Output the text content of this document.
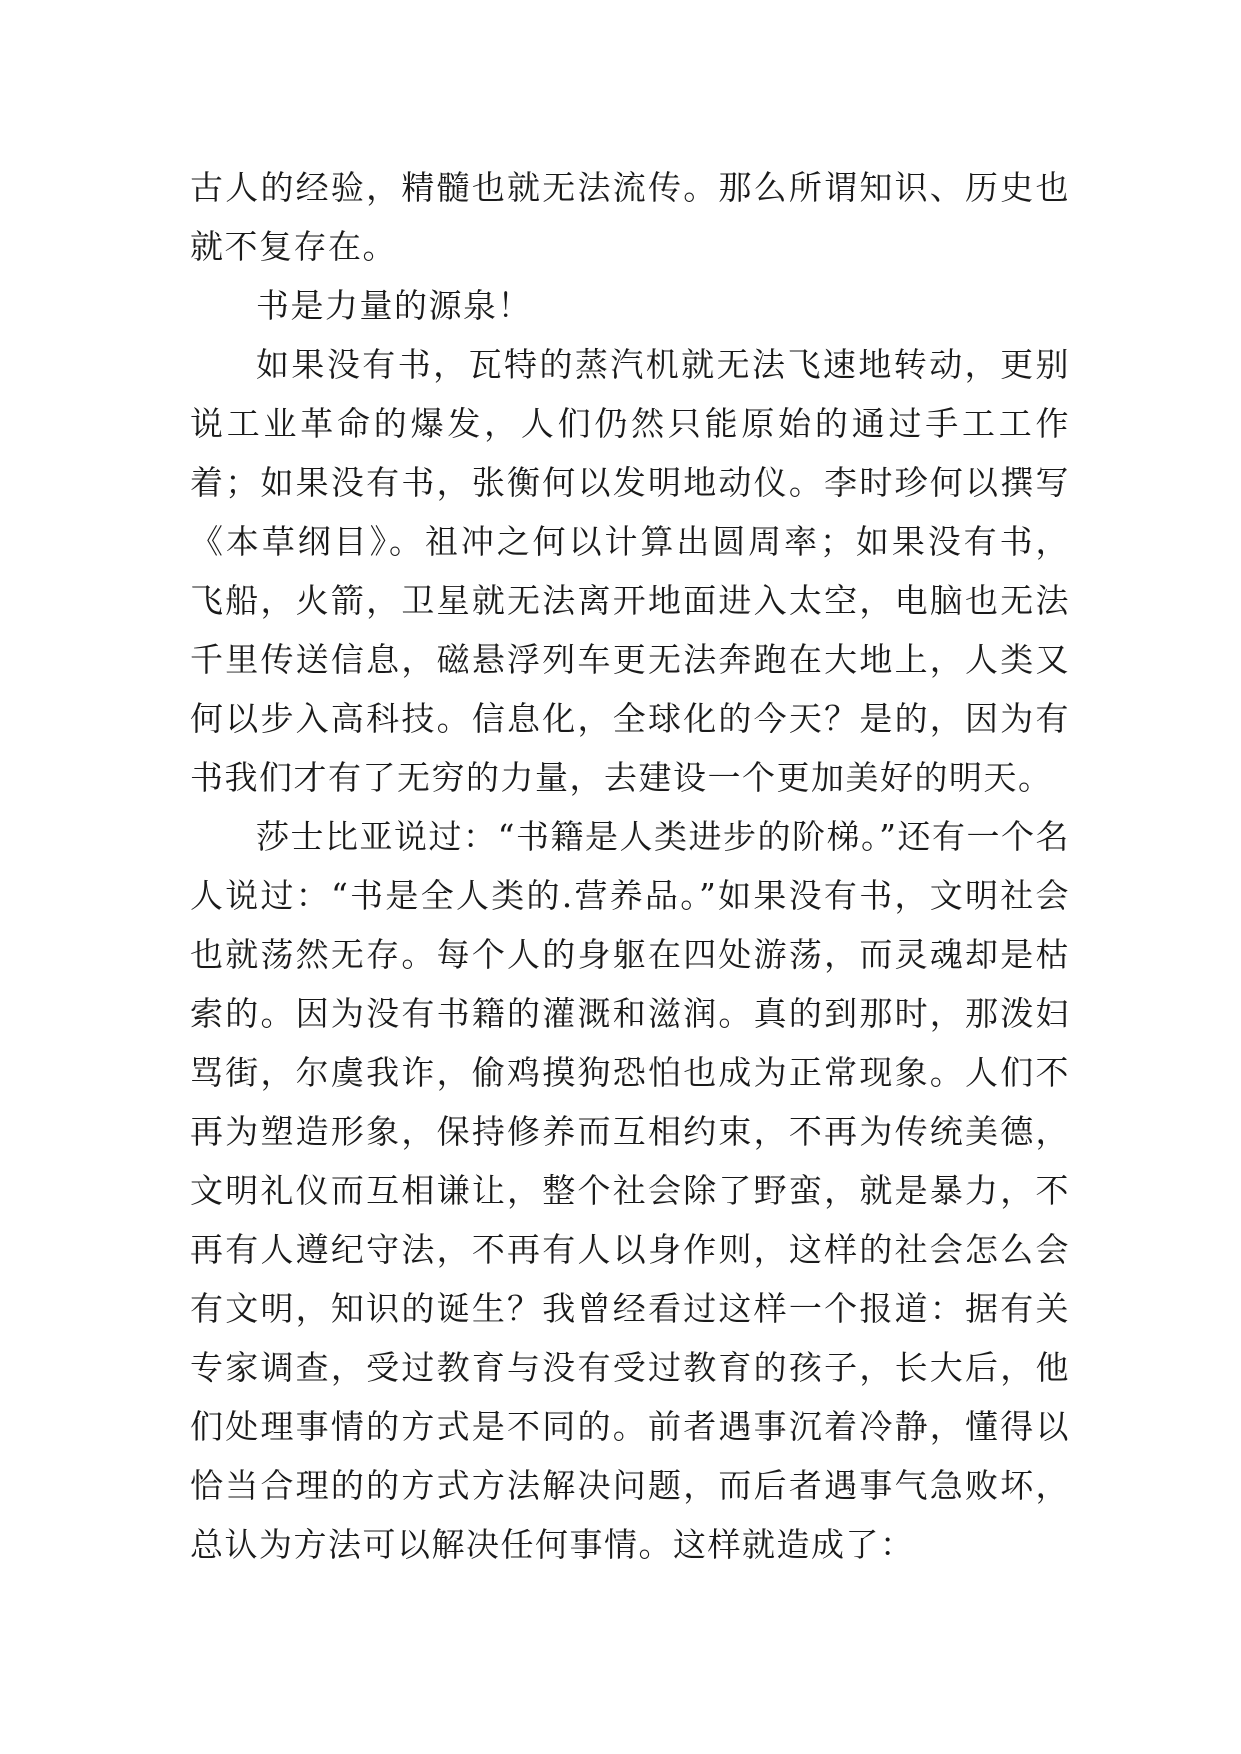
古人的经验，精髓也就无法流传。那么所谓知识、历史也就不复存在。

书是力量的源泉！

如果没有书，瓦特的蒸汽机就无法飞速地转动，更别说工业革命的爆发，人们仍然只能原始的通过手工工作着；如果没有书，张衡何以发明地动仪。李时珍何以撰写《本草纲目》。祖冲之何以计算出圆周率；如果没有书，飞船，火箭，卫星就无法离开地面进入太空，电脑也无法千里传送信息，磁悬浮列车更无法奔跑在大地上，人类又何以步入高科技。信息化，全球化的今天？是的，因为有书我们才有了无穷的力量，去建设一个更加美好的明天。

莎士比亚说过：“书籍是人类进步的阶梯。”还有一个名人说过：“书是全人类的.营养品。”如果没有书，文明社会也就荡然无存。每个人的身躯在四处游荡，而灵魂却是枯索的。因为没有书籍的灌溉和滋润。真的到那时，那泼妇骂街，尔虞我诈，偷鸡摸狗恐怕也成为正常现象。人们不再为塑造形象，保持修养而互相约束，不再为传统美德，文明礼仪而互相谦让，整个社会除了野蛮，就是暴力，不再有人遵纪守法，不再有人以身作则，这样的社会怎么会有文明，知识的诞生？我曾经看过这样一个报道：据有关专家调查，受过教育与没有受过教育的孩子，长大后，他们处理事情的方式是不同的。前者遇事沉着冷静，懂得以恰当合理的的方式方法解决问题，而后者遇事气急败坏，总认为方法可以解决任何事情。这样就造成了：
